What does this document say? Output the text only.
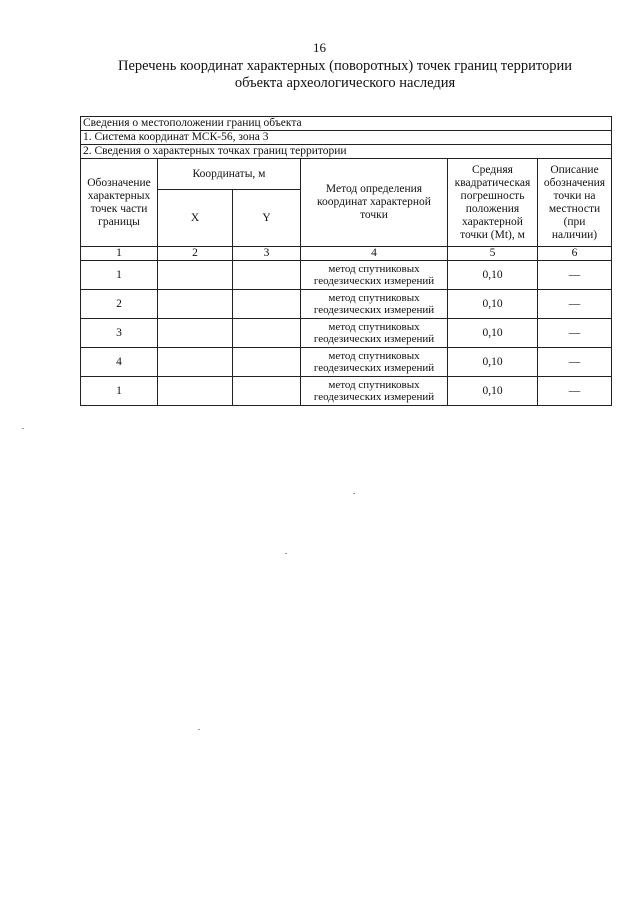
16
Перечень координат характерных (поворотных) точек границ территории
объекта археологического наследия
Сведения о местоположении границ объекта					
1. Система координат МСК-56, зона 3					
2. Сведения о характерных точках границ территории					
Обозначение характерных точек части границы	Координаты, м		Метод определения координат характерной точки	Средняя квадратическая погрешность положения характерной точки (Mt), м	Описание обозначения точки на местности (при наличии)
	X	Y			
1	2	3	4	5	6
1			метод спутниковых геодезических измерений	0,10	—
2			метод спутниковых геодезических измерений	0,10	—
3			метод спутниковых геодезических измерений	0,10	—
4			метод спутниковых геодезических измерений	0,10	—
1			метод спутниковых геодезических измерений	0,10	—
